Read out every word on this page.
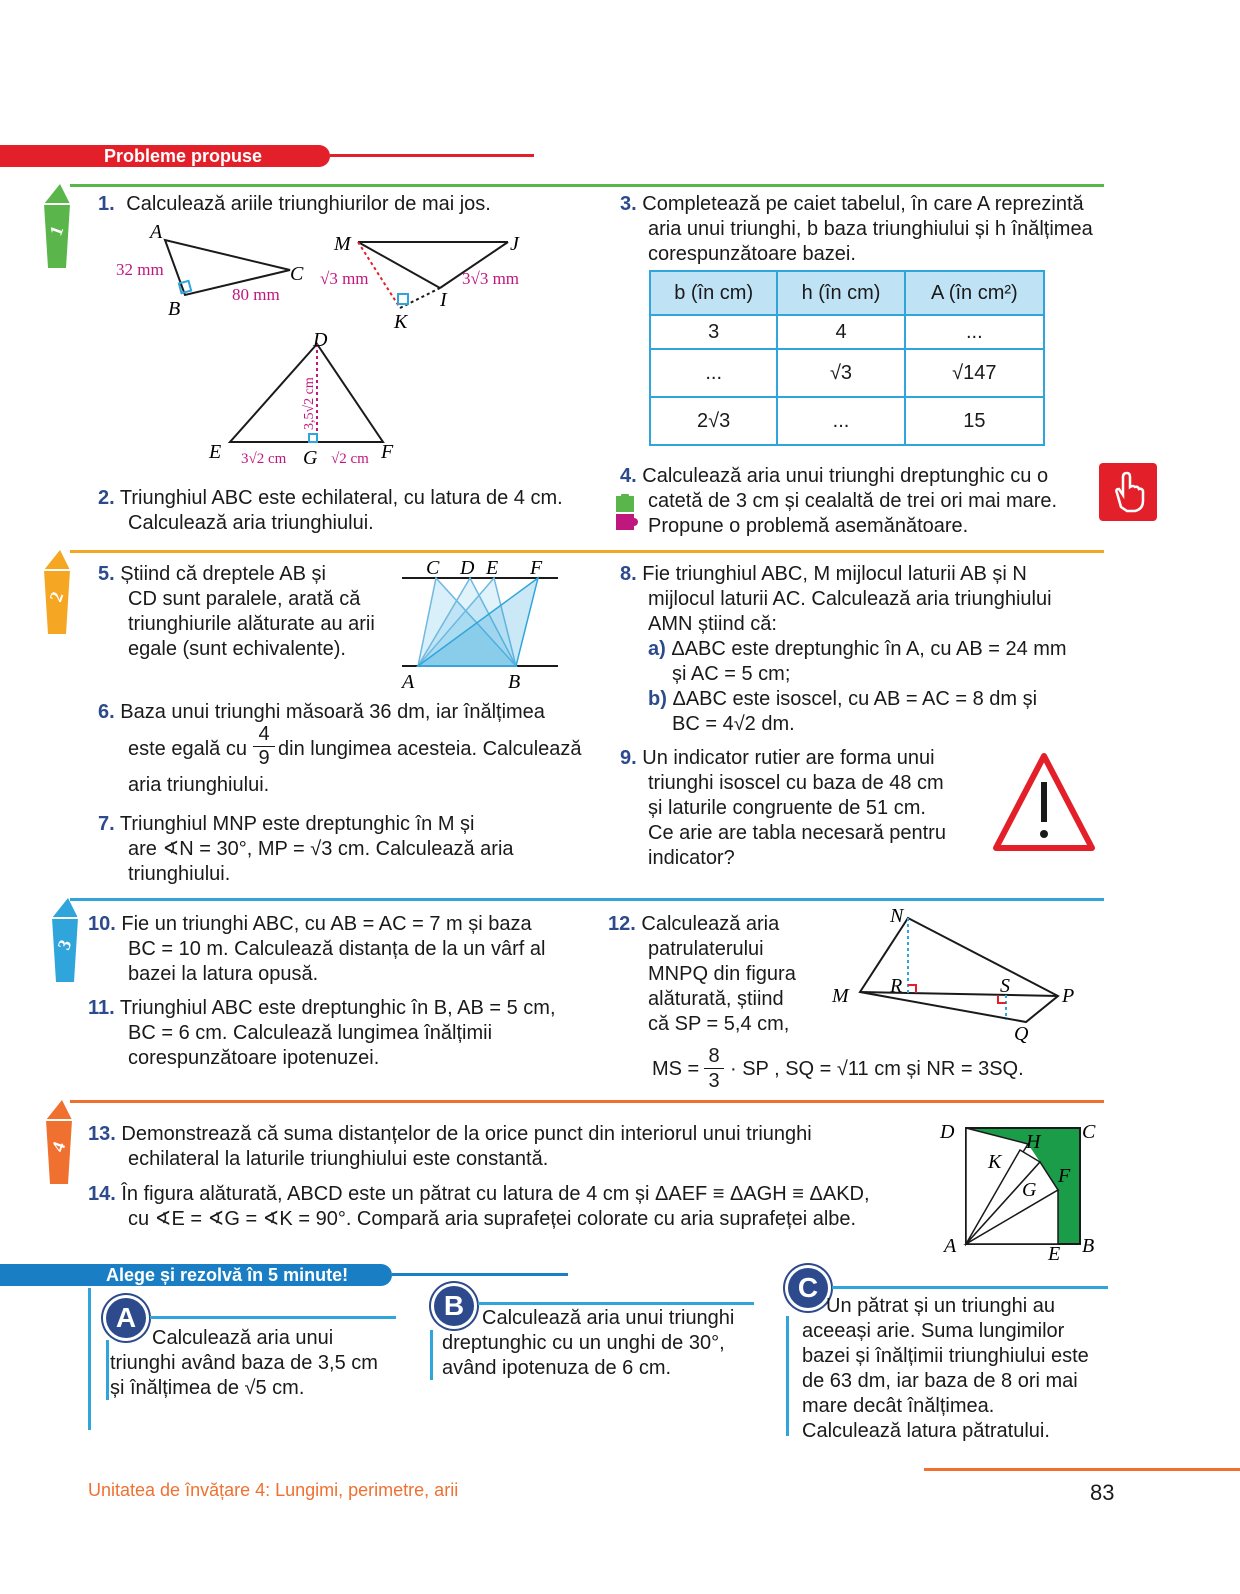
Probleme propuse
1
2
3
4
1. Calculează ariile triunghiurilor de mai jos.
A
B
C
32 mm
80 mm
M	J
K
I
√3 mm	3√3 mm
D
E	F
G
3,5√2 cm
3√2 cm	√2 cm
2. Triunghiul ABC este echilateral, cu latura de 4 cm.
Calculează aria triunghiului.
3. Completează pe caiet tabelul, în care A reprezintă
aria unui triunghi, b baza triunghiului și h înălțimea
corespunzătoare bazei.
b (în cm)	h (în cm)	A (în cm²)
3	4	...
...	√3	√147
2√3	...	15
4. Calculează aria unui triunghi dreptunghic cu o
catetă de 3 cm și cealaltă de trei ori mai mare.
Propune o problemă asemănătoare.
5. Știind că dreptele AB și
CD sunt paralele, arată că
triunghiurile alăturate au arii
egale (sunt echivalente).
C D E F
A	B
6. Baza unui triunghi măsoară 36 dm, iar înălțimea
este egală cu $\frac{4}{9}$ din lungimea acesteia. Calculează
aria triunghiului.
7. Triunghiul MNP este dreptunghic în M și
are ∢N = 30°, MP = √3 cm. Calculează aria
triunghiului.
8. Fie triunghiul ABC, M mijlocul laturii AB și N
mijlocul laturii AC. Calculează aria triunghiului
AMN știind că:
a) ΔABC este dreptunghic în A, cu AB = 24 mm
și AC = 5 cm;
b) ΔABC este isoscel, cu AB = AC = 8 dm și
BC = 4√2 dm.
9. Un indicator rutier are forma unui
triunghi isoscel cu baza de 48 cm
și laturile congruente de 51 cm.
Ce arie are tabla necesară pentru
indicator?
10. Fie un triunghi ABC, cu AB = AC = 7 m și baza
BC = 10 m. Calculează distanța de la un vârf al
bazei la latura opusă.
11. Triunghiul ABC este dreptunghic în B, AB = 5 cm,
BC = 6 cm. Calculează lungimea înălțimii
corespunzătoare ipotenuzei.
12. Calculează aria
patrulaterului
MNPQ din figura
alăturată, știind
că SP = 5,4 cm,
MS = $\frac{8}{3}$ · SP , SQ = √11 cm și NR = 3SQ.
N
M R	S	P
Q
13. Demonstrează că suma distanțelor de la orice punct din interiorul unui triunghi
echilateral la laturile triunghiului este constantă.
14. În figura alăturată, ABCD este un pătrat cu latura de 4 cm și ΔAEF ≡ ΔAGH ≡ ΔAKD,
cu ∢E = ∢G = ∢K = 90°. Compară aria suprafeței colorate cu aria suprafeței albe.
D	C
H
K
F
G
A	E B
Alege și rezolvă în 5 minute!
A
Calculează aria unui
triunghi având baza de 3,5 cm
și înălțimea de √5 cm.
B Calculează aria unui triunghi
dreptunghic cu un unghi de 30°,
având ipotenuza de 6 cm.
C
Un pătrat și un triunghi au
aceeași arie. Suma lungimilor
bazei și înălțimii triunghiului este
de 63 dm, iar baza de 8 ori mai
mare decât înălțimea.
Calculează latura pătratului.
Unitatea de învățare 4: Lungimi, perimetre, arii	83
